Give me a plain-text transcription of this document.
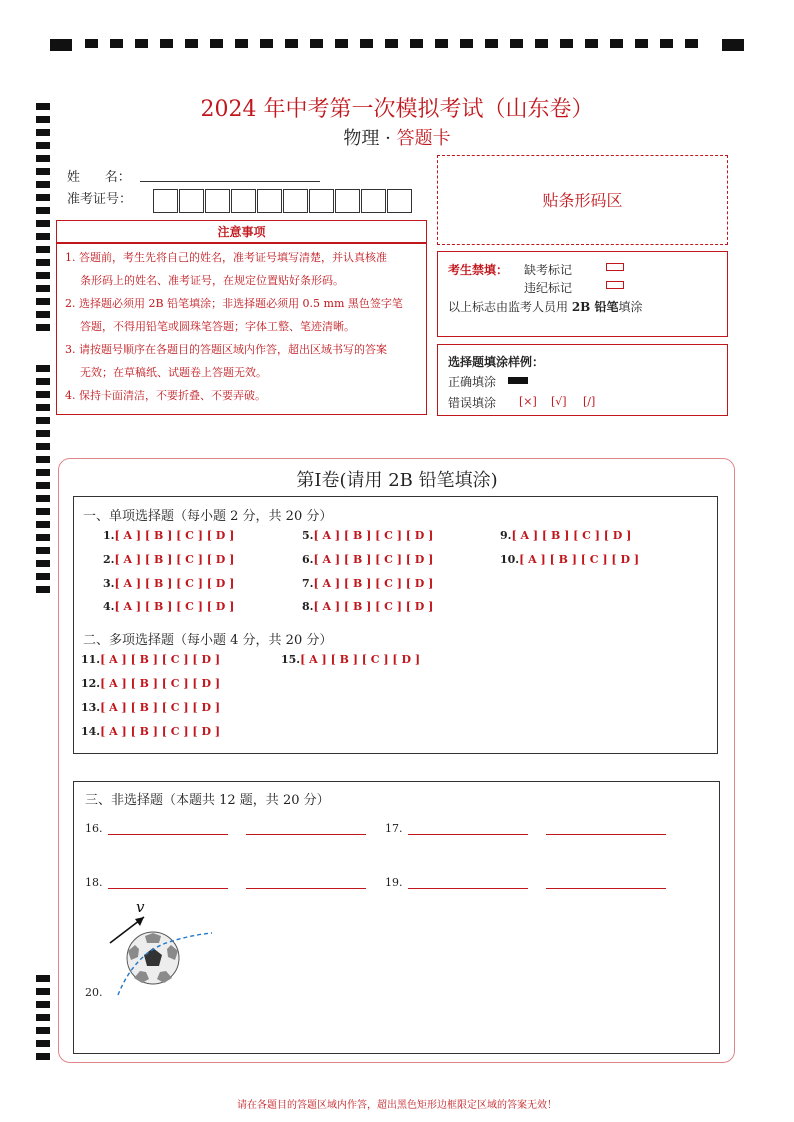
2024 年中考第一次模拟考试（山东卷）
物理 · 答题卡
姓      名：
准考证号：	贴条形码区
注意事项
1. 答题前，考生先将自己的姓名，准考证号填写清楚，并认真核准
条形码上的姓名、准考证号，在规定位置贴好条形码。
2. 选择题必须用 2B 铅笔填涂；非选择题必须用 0.5 mm 黑色签字笔
答题，不得用铅笔或圆珠笔答题；字体工整、笔迹清晰。
3. 请按题号顺序在各题目的答题区域内作答，超出区域书写的答案
无效；在草稿纸、试题卷上答题无效。
4. 保持卡面清洁，不要折叠、不要弄破。
考生禁填： 缺考标记
违纪标记
以上标志由监考人员用 2B 铅笔填涂
选择题填涂样例：
正确填涂
错误填涂 [×] [√] [/]
第Ⅰ卷(请用 2B 铅笔填涂)
一、单项选择题（每小题 2 分，共 20 分）
1.[ A ] [ B ] [ C ] [ D ]
2.[ A ] [ B ] [ C ] [ D ]
3.[ A ] [ B ] [ C ] [ D ]
4.[ A ] [ B ] [ C ] [ D ]
5.[ A ] [ B ] [ C ] [ D ]
6.[ A ] [ B ] [ C ] [ D ]
7.[ A ] [ B ] [ C ] [ D ]
8.[ A ] [ B ] [ C ] [ D ]
9.[ A ] [ B ] [ C ] [ D ]
10.[ A ] [ B ] [ C ] [ D ]
二、多项选择题（每小题 4 分，共 20 分）
11.[ A ] [ B ] [ C ] [ D ]
12.[ A ] [ B ] [ C ] [ D ]
13.[ A ] [ B ] [ C ] [ D ]
14.[ A ] [ B ] [ C ] [ D ]
15.[ A ] [ B ] [ C ] [ D ]
三、非选择题（本题共 12 题，共 20 分）
16.	17.
18.	19.
20.
v
请在各题目的答题区域内作答，超出黑色矩形边框限定区域的答案无效！
